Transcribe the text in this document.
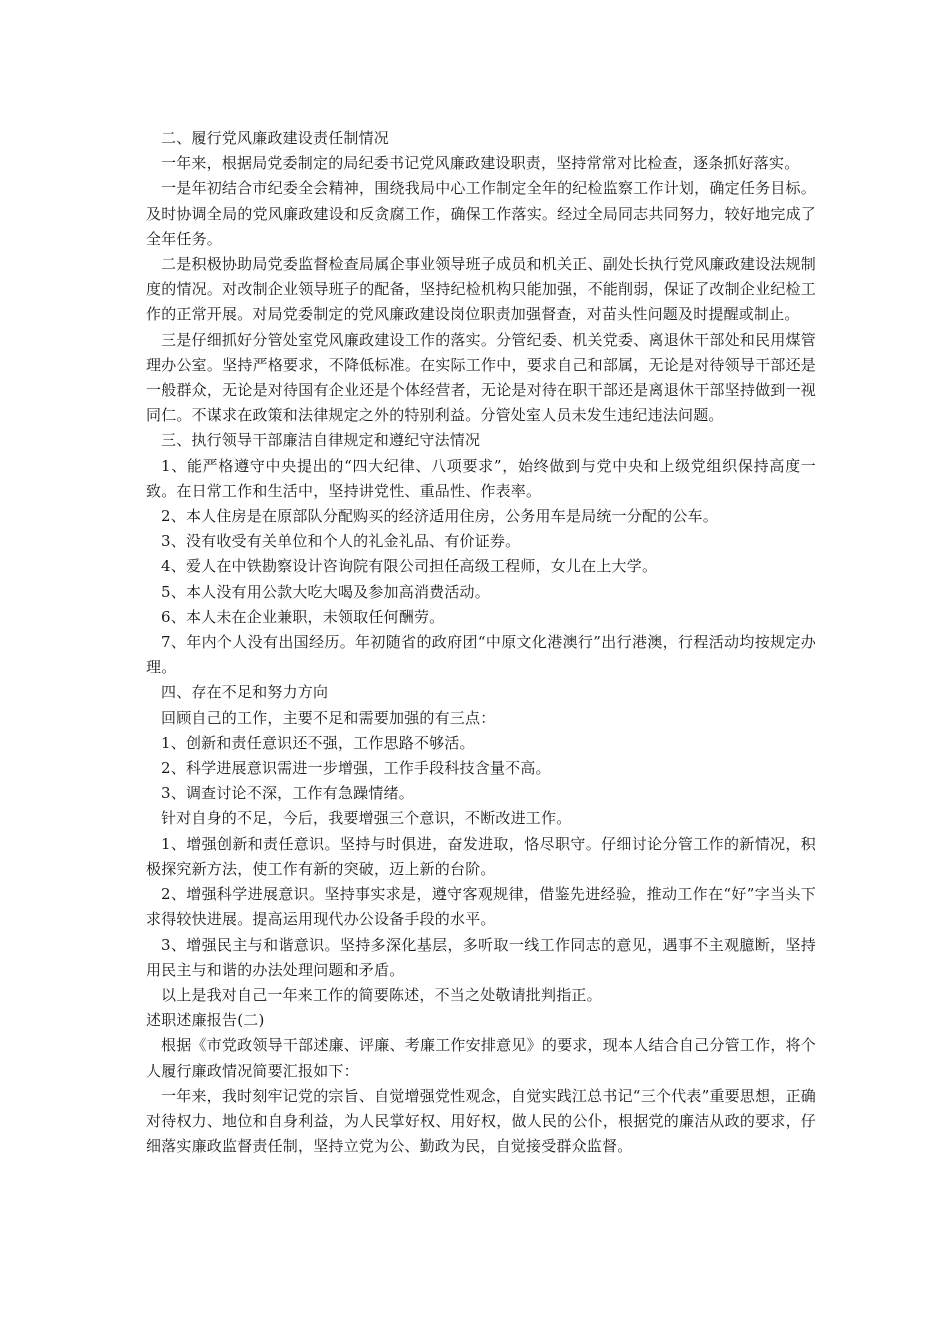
二、履行党风廉政建设责任制情况

一年来，根据局党委制定的局纪委书记党风廉政建设职责，坚持常常对比检查，逐条抓好落实。

一是年初结合市纪委全会精神，围绕我局中心工作制定全年的纪检监察工作计划，确定任务目标。及时协调全局的党风廉政建设和反贪腐工作，确保工作落实。经过全局同志共同努力，较好地完成了全年任务。

二是积极协助局党委监督检查局属企事业领导班子成员和机关正、副处长执行党风廉政建设法规制度的情况。对改制企业领导班子的配备，坚持纪检机构只能加强，不能削弱，保证了改制企业纪检工作的正常开展。对局党委制定的党风廉政建设岗位职责加强督查，对苗头性问题及时提醒或制止。

三是仔细抓好分管处室党风廉政建设工作的落实。分管纪委、机关党委、离退休干部处和民用煤管理办公室。坚持严格要求，不降低标准。在实际工作中，要求自己和部属，无论是对待领导干部还是一般群众，无论是对待国有企业还是个体经营者，无论是对待在职干部还是离退休干部坚持做到一视同仁。不谋求在政策和法律规定之外的特别利益。分管处室人员未发生违纪违法问题。

三、执行领导干部廉洁自律规定和遵纪守法情况

1、能严格遵守中央提出的“四大纪律、八项要求”，始终做到与党中央和上级党组织保持高度一致。在日常工作和生活中，坚持讲党性、重品性、作表率。

2、本人住房是在原部队分配购买的经济适用住房，公务用车是局统一分配的公车。

3、没有收受有关单位和个人的礼金礼品、有价证券。

4、爱人在中铁勘察设计咨询院有限公司担任高级工程师，女儿在上大学。

5、本人没有用公款大吃大喝及参加高消费活动。

6、本人未在企业兼职，未领取任何酬劳。

7、年内个人没有出国经历。年初随省的政府团“中原文化港澳行”出行港澳，行程活动均按规定办理。

四、存在不足和努力方向

回顾自己的工作，主要不足和需要加强的有三点：

1、创新和责任意识还不强，工作思路不够活。

2、科学进展意识需进一步增强，工作手段科技含量不高。

3、调查讨论不深，工作有急躁情绪。

针对自身的不足，今后，我要增强三个意识，不断改进工作。

1、增强创新和责任意识。坚持与时俱进，奋发进取，恪尽职守。仔细讨论分管工作的新情况，积极探究新方法，使工作有新的突破，迈上新的台阶。

2、增强科学进展意识。坚持事实求是，遵守客观规律，借鉴先进经验，推动工作在“好”字当头下求得较快进展。提高运用现代办公设备手段的水平。

3、增强民主与和谐意识。坚持多深化基层，多听取一线工作同志的意见，遇事不主观臆断，坚持用民主与和谐的办法处理问题和矛盾。

以上是我对自己一年来工作的简要陈述，不当之处敬请批判指正。

述职述廉报告(二)

根据《市党政领导干部述廉、评廉、考廉工作安排意见》的要求，现本人结合自己分管工作，将个人履行廉政情况简要汇报如下：

一年来，我时刻牢记党的宗旨、自觉增强党性观念，自觉实践江总书记“三个代表”重要思想，正确对待权力、地位和自身利益，为人民掌好权、用好权，做人民的公仆，根据党的廉洁从政的要求，仔细落实廉政监督责任制，坚持立党为公、勤政为民，自觉接受群众监督。
